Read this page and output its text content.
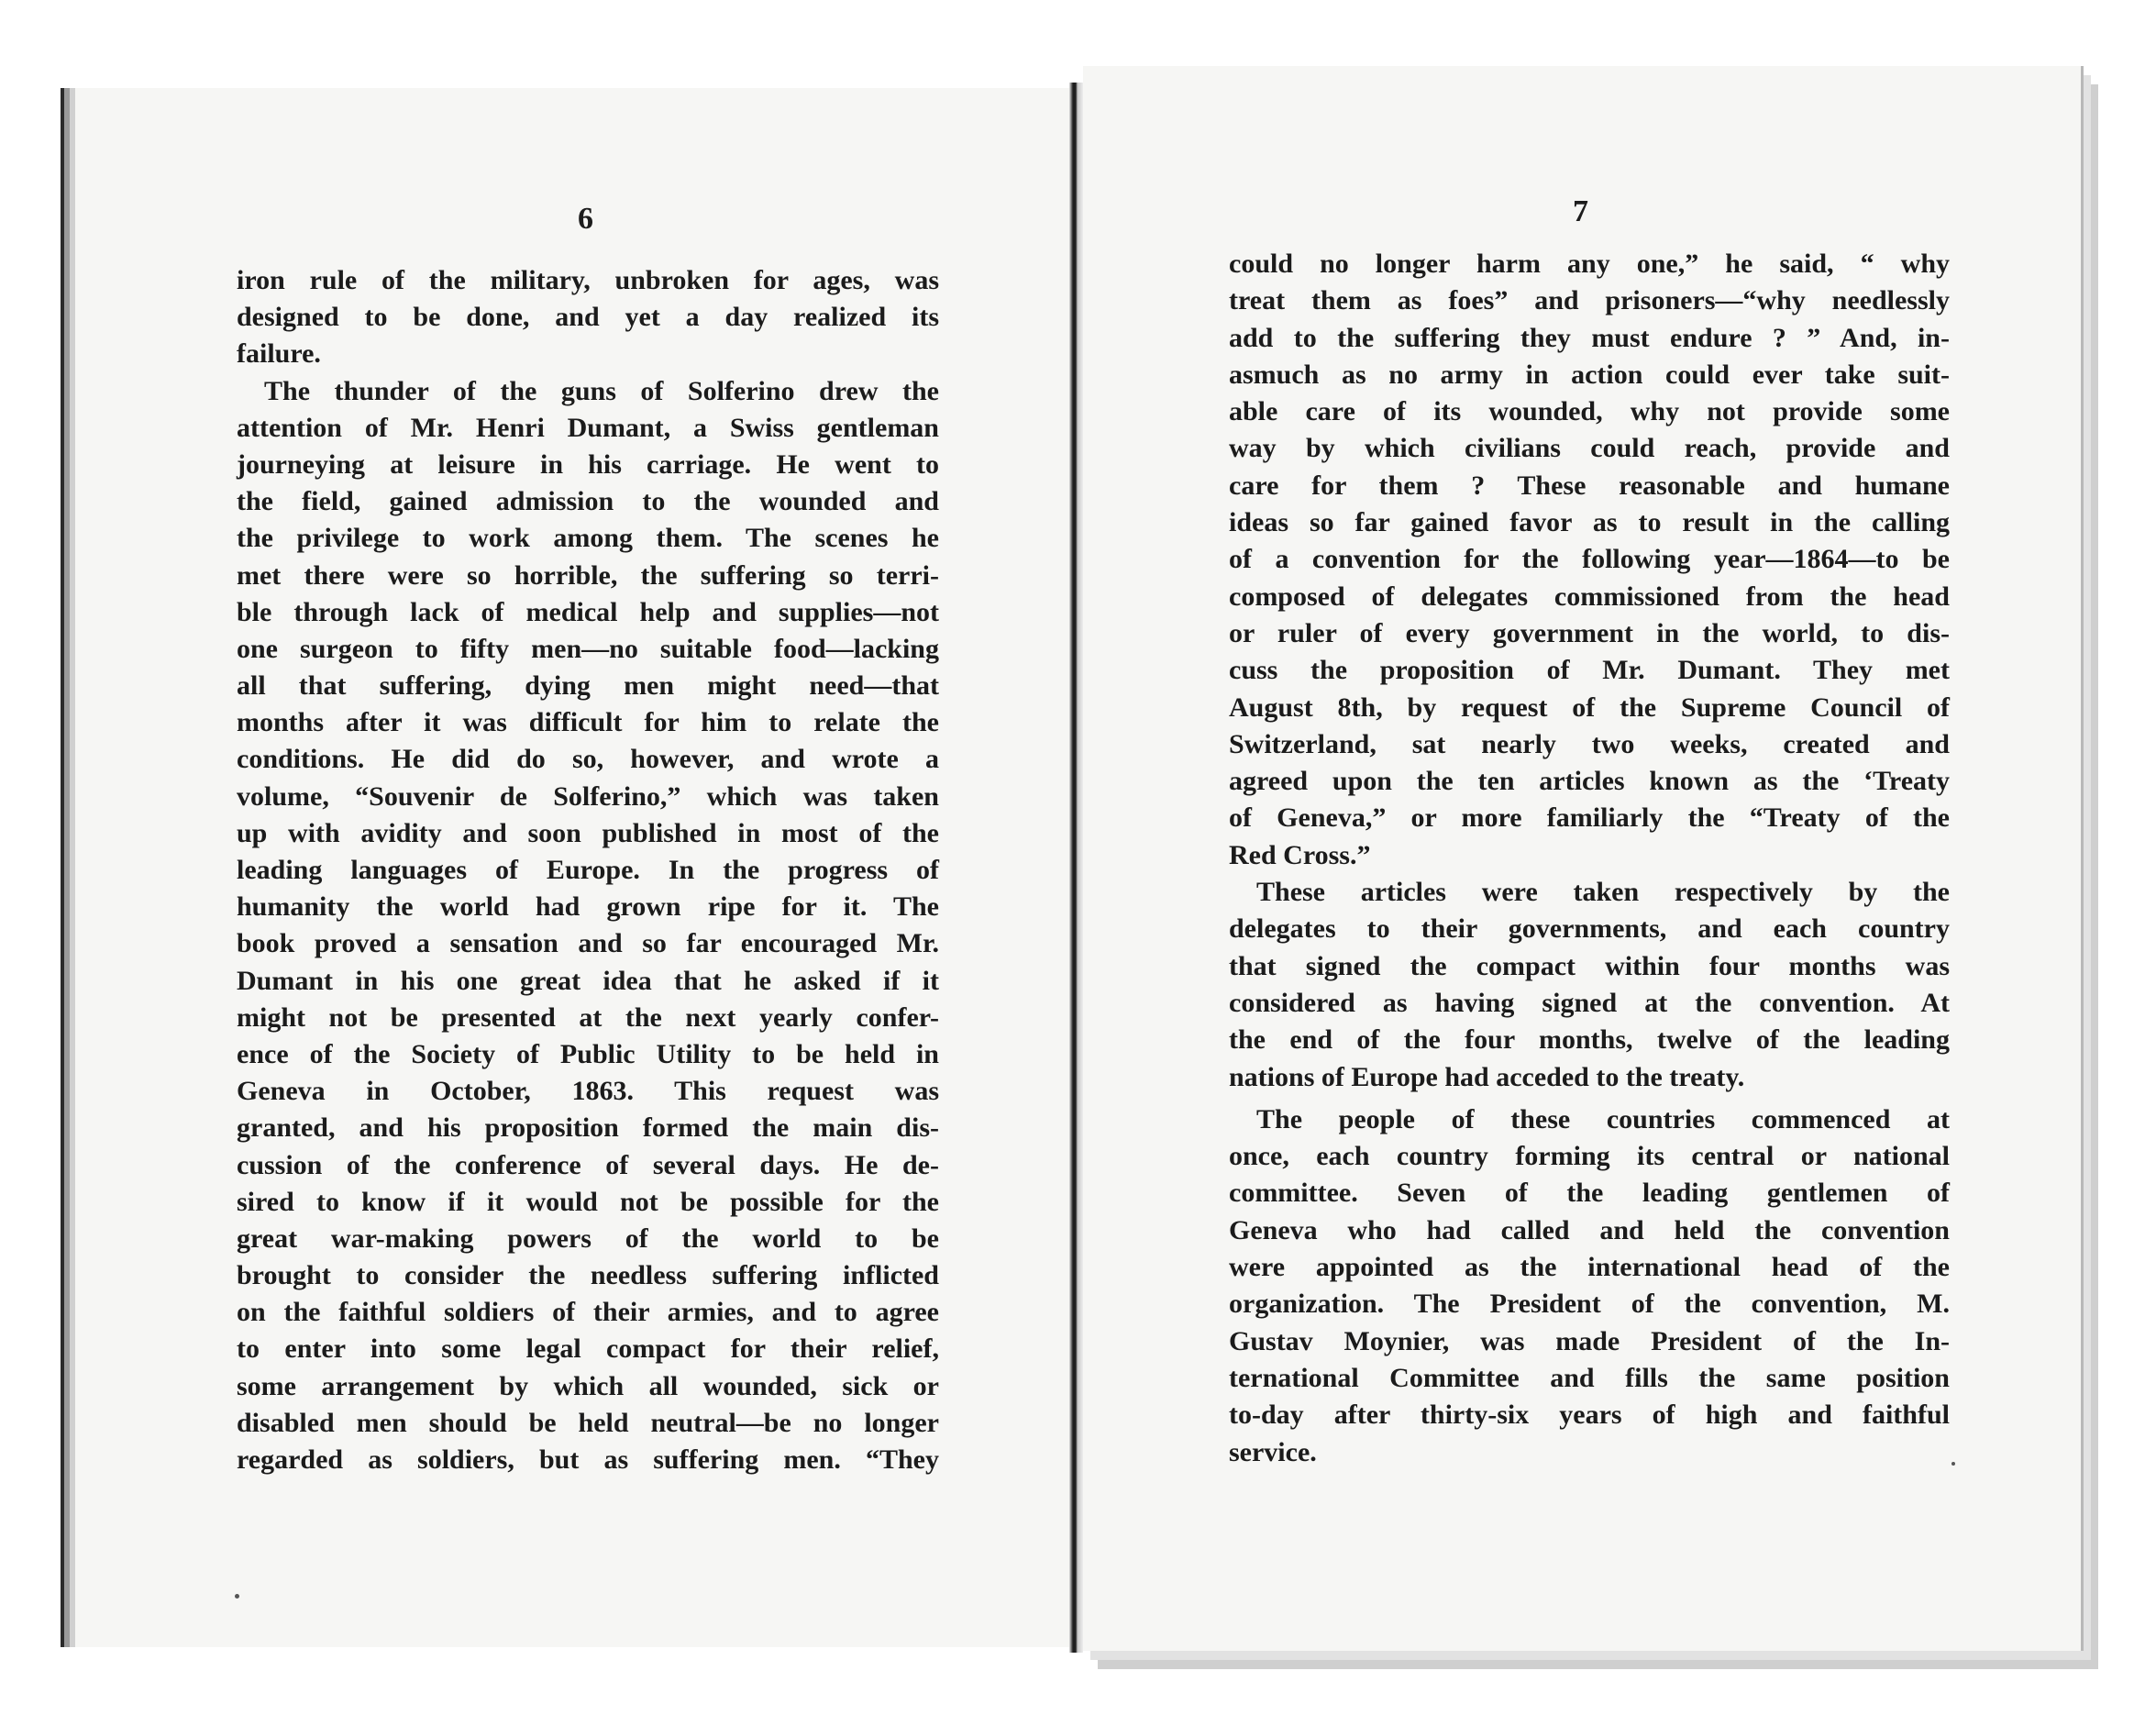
6	7
iron rule of the military, unbroken for ages, was
designed to be done, and yet a day realized its
failure.
The thunder of the guns of Solferino drew the
attention of Mr. Henri Dumant, a Swiss gentleman
journeying at leisure in his carriage. He went to
the field, gained admission to the wounded and
the privilege to work among them. The scenes he
met there were so horrible, the suffering so terri-
ble through lack of medical help and supplies—not
one surgeon to fifty men—no suitable food—lacking
all that suffering, dying men might need—that
months after it was difficult for him to relate the
conditions. He did do so, however, and wrote a
volume, “Souvenir de Solferino,” which was taken
up with avidity and soon published in most of the
leading languages of Europe. In the progress of
humanity the world had grown ripe for it. The
book proved a sensation and so far encouraged Mr.
Dumant in his one great idea that he asked if it
might not be presented at the next yearly confer-
ence of the Society of Public Utility to be held in
Geneva in October, 1863. This request was
granted, and his proposition formed the main dis-
cussion of the conference of several days. He de-
sired to know if it would not be possible for the
great war-making powers of the world to be
brought to consider the needless suffering inflicted
on the faithful soldiers of their armies, and to agree
to enter into some legal compact for their relief,
some arrangement by which all wounded, sick or
disabled men should be held neutral—be no longer
regarded as soldiers, but as suffering men. “They
could no longer harm any one,” he said, “ why
treat them as foes” and prisoners—“why needlessly
add to the suffering they must endure ? ” And, in-
asmuch as no army in action could ever take suit-
able care of its wounded, why not provide some
way by which civilians could reach, provide and
care for them ? These reasonable and humane
ideas so far gained favor as to result in the calling
of a convention for the following year—1864—to be
composed of delegates commissioned from the head
or ruler of every government in the world, to dis-
cuss the proposition of Mr. Dumant. They met
August 8th, by request of the Supreme Council of
Switzerland, sat nearly two weeks, created and
agreed upon the ten articles known as the ‘Treaty
of Geneva,” or more familiarly the “Treaty of the
Red Cross.”
These articles were taken respectively by the
delegates to their governments, and each country
that signed the compact within four months was
considered as having signed at the convention. At
the end of the four months, twelve of the leading
nations of Europe had acceded to the treaty.
The people of these countries commenced at
once, each country forming its central or national
committee. Seven of the leading gentlemen of
Geneva who had called and held the convention
were appointed as the international head of the
organization. The President of the convention, M.
Gustav Moynier, was made President of the In-
ternational Committee and fills the same position
to-day after thirty-six years of high and faithful
service.
